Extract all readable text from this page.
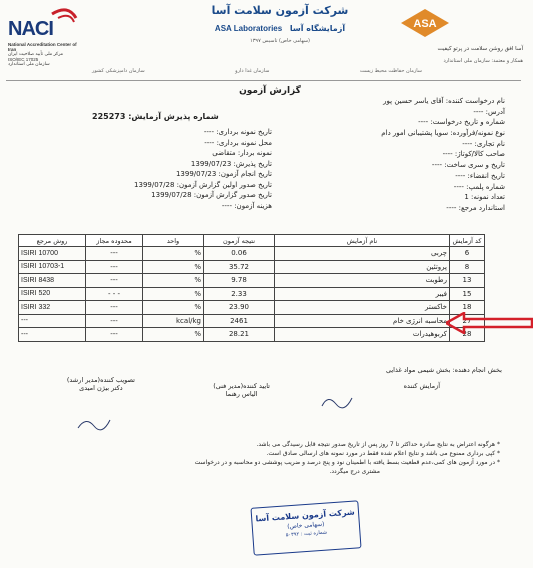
NACI
National Accreditation Center of Iran
مرکز ملی تأیید صلاحیت ایران
ISO/IEC 17025
سازمان ملی استاندارد
ASA
شرکت آزمون سلامت آسا
ASA Laboratories آزمایشگاه آسا
(سهامی خاص) تاسیس ۱۳۹۷
آسا افق روشن سلامت در پرتو کیفیت
همکار و معتمد: سازمان ملی استاندارد
سازمان حفاظت محیط زیست
سازمان غذا دارو
سازمان دامپزشکی کشور
گزارش آزمون
نام درخواست کننده: آقای یاسر حسین پور
آدرس: ----
شماره و تاریخ درخواست: ----
نوع نمونه/فرآورده: سویا پشتیبانی امور دام
نام تجاری: ----
صاحب کالا/کوتاژ: ----
تاریخ و سری ساخت: ----
تاریخ انقضاء: ----
شماره پلمپ: ----
تعداد نمونه: 1
استاندارد مرجع: ----
شماره پذیرش آزمایش: 225273
تاریخ نمونه برداری: ----
محل نمونه برداری: ----
نمونه بردار: متقاضی
تاریخ پذیرش: 1399/07/23
تاریخ انجام آزمون: 1399/07/23
تاریخ صدور اولین گزارش آزمون: 1399/07/28
تاریخ صدور گزارش آزمون: 1399/07/28
هزینه آزمون: ----
روش مرجع	محدوده مجاز	واحد	نتیجه آزمون	نام آزمایش	کد آزمایش
ISIRI 10700	---	%	0.06	چربی	6
ISIRI 10703-1	---	%	35.72	پروتئین	8
ISIRI 8438	---	%	9.78	رطوبت	13
ISIRI 520	- - -	%	2.33	فیبر	15
ISIRI 332	---	%	23.90	خاکستر	18
---	---	kcal/kg	2461	محاسبه انرژی خام	27
---	---	%	28.21	کربوهیدرات	28
بخش انجام دهنده: بخش شیمی مواد غذایی
آزمایش کننده
تایید کننده(مدیر فنی)
الیاس رهنما
تصویب کننده(مدیر ارشد)
دکتر بیژن امیدی
* هرگونه اعتراض به نتایج صادره حداکثر تا 7 روز پس از تاریخ صدور نتیجه قابل رسیدگی می باشد.
* کپی برداری ممنوع می باشد و نتایج اعلام شده فقط در مورد نمونه های ارسالی صادق است.
* در مورد آزمون های کمی،عدم قطعیت بسط یافته با اطمینان نود و پنج درصد و ضریب پوششی دو محاسبه و در درخواست
مشتری درج میگردد.
شرکت آزمون سلامت آسا
(سهامی خاص)
شماره ثبت : ۵۰۳۹۲
